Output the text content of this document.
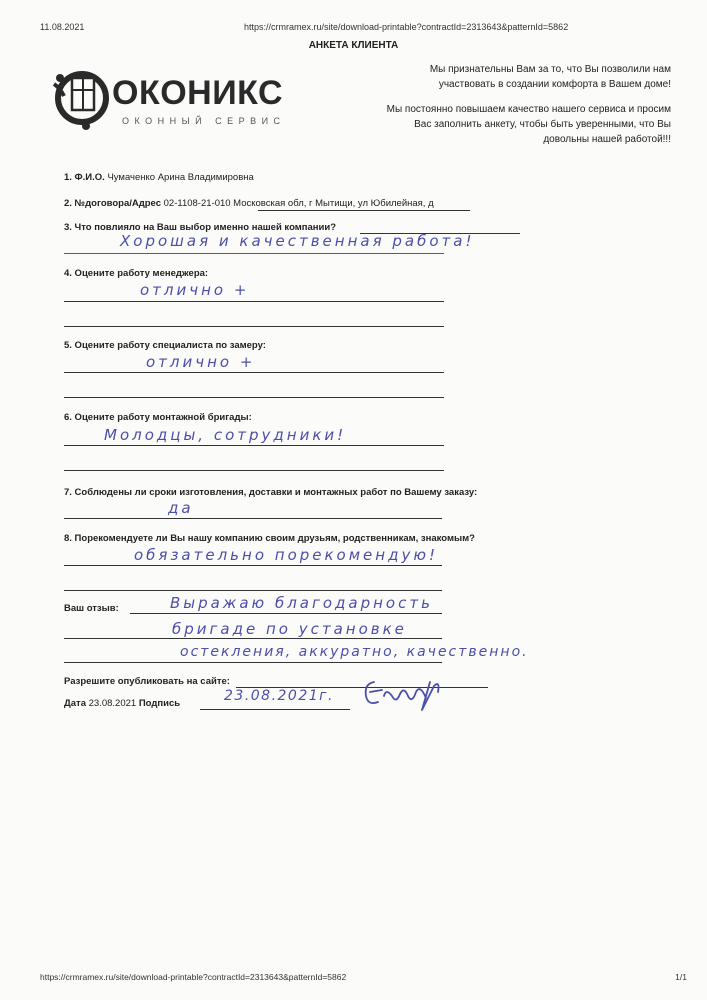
11.08.2021	https://crmramex.ru/site/download-printable?contractId=2313643&patternId=5862
АНКЕТА КЛИЕНТА
ОКОНИКС
ОКОННЫЙ СЕРВИС
Мы признательны Вам за то, что Вы позволили нам
участвовать в создании комфорта в Вашем доме!
Мы постоянно повышаем качество нашего сервиса и просим
Вас заполнить анкету, чтобы быть уверенными, что Вы
довольны нашей работой!!!
1. Ф.И.О. Чумаченко Арина Владимировна
2. №договора/Адрес 02-1108-21-010 Московская обл, г Мытищи, ул Юбилейная, д
3. Что повлияло на Ваш выбор именно нашей компании?
Хорошая и качественная работа!
4. Оцените работу менеджера:
отлично +
5. Оцените работу специалиста по замеру:
отлично +
6. Оцените работу монтажной бригады:
Молодцы, сотрудники!
7. Соблюдены ли сроки изготовления, доставки и монтажных работ по Вашему заказу:
да
8. Порекомендуете ли Вы нашу компанию своим друзьям, родственникам, знакомым?
обязательно порекомендую!
Ваш отзыв:	Выражаю благодарность
бригаде по установке
остекления, аккуратно, качественно.
Разрешите опубликовать на сайте:
Дата 23.08.2021 Подпись	23.08.2021г.
https://crmramex.ru/site/download-printable?contractId=2313643&patternId=5862	1/1
